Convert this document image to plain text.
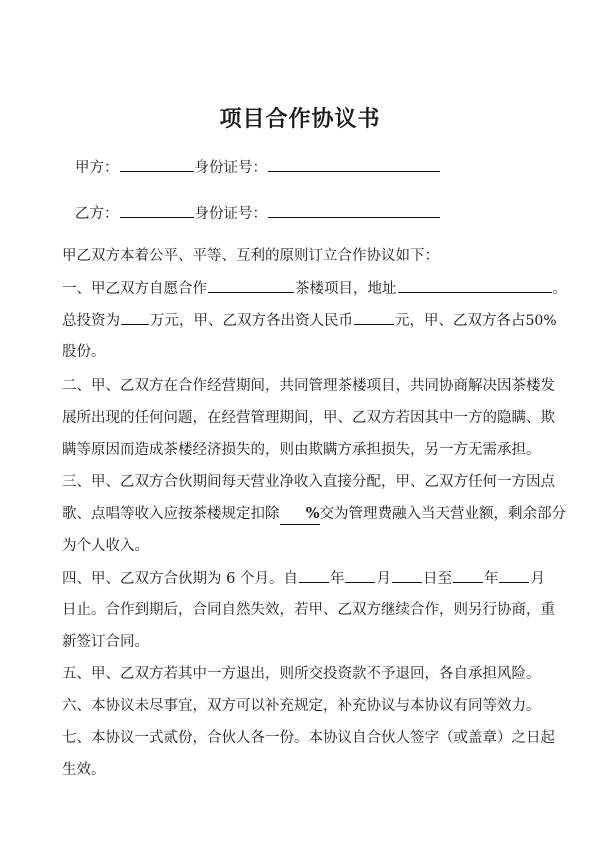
项目合作协议书
甲方：	身份证号：
乙方：	身份证号：
甲乙双方本着公平、平等、互利的原则订立合作协议如下：
一、甲乙双方自愿合作	茶楼项目，地址	。
总投资为 万元，甲、乙双方各出资人民币	元，甲、乙双方各占50%
股份。
二、甲、乙双方在合作经营期间，共同管理茶楼项目，共同协商解决因茶楼发
展所出现的任何问题，在经营管理期间，甲、乙双方若因其中一方的隐瞒、欺
瞒等原因而造成茶楼经济损失的，则由欺瞒方承担损失，另一方无需承担。
三、甲、乙双方合伙期间每天营业净收入直接分配，甲、乙双方任何一方因点
歌、点唱等收入应按茶楼规定扣除 %交为管理费融入当天营业额，剩余部分
为个人收入。
四、甲、乙双方合伙期为 6 个月。自 年 月 日至 年 月
日止。合作到期后，合同自然失效，若甲、乙双方继续合作，则另行协商，重
新签订合同。
五、甲、乙双方若其中一方退出，则所交投资款不予退回，各自承担风险。
六、本协议未尽事宜，双方可以补充规定，补充协议与本协议有同等效力。
七、本协议一式贰份，合伙人各一份。本协议自合伙人签字（或盖章）之日起
生效。
